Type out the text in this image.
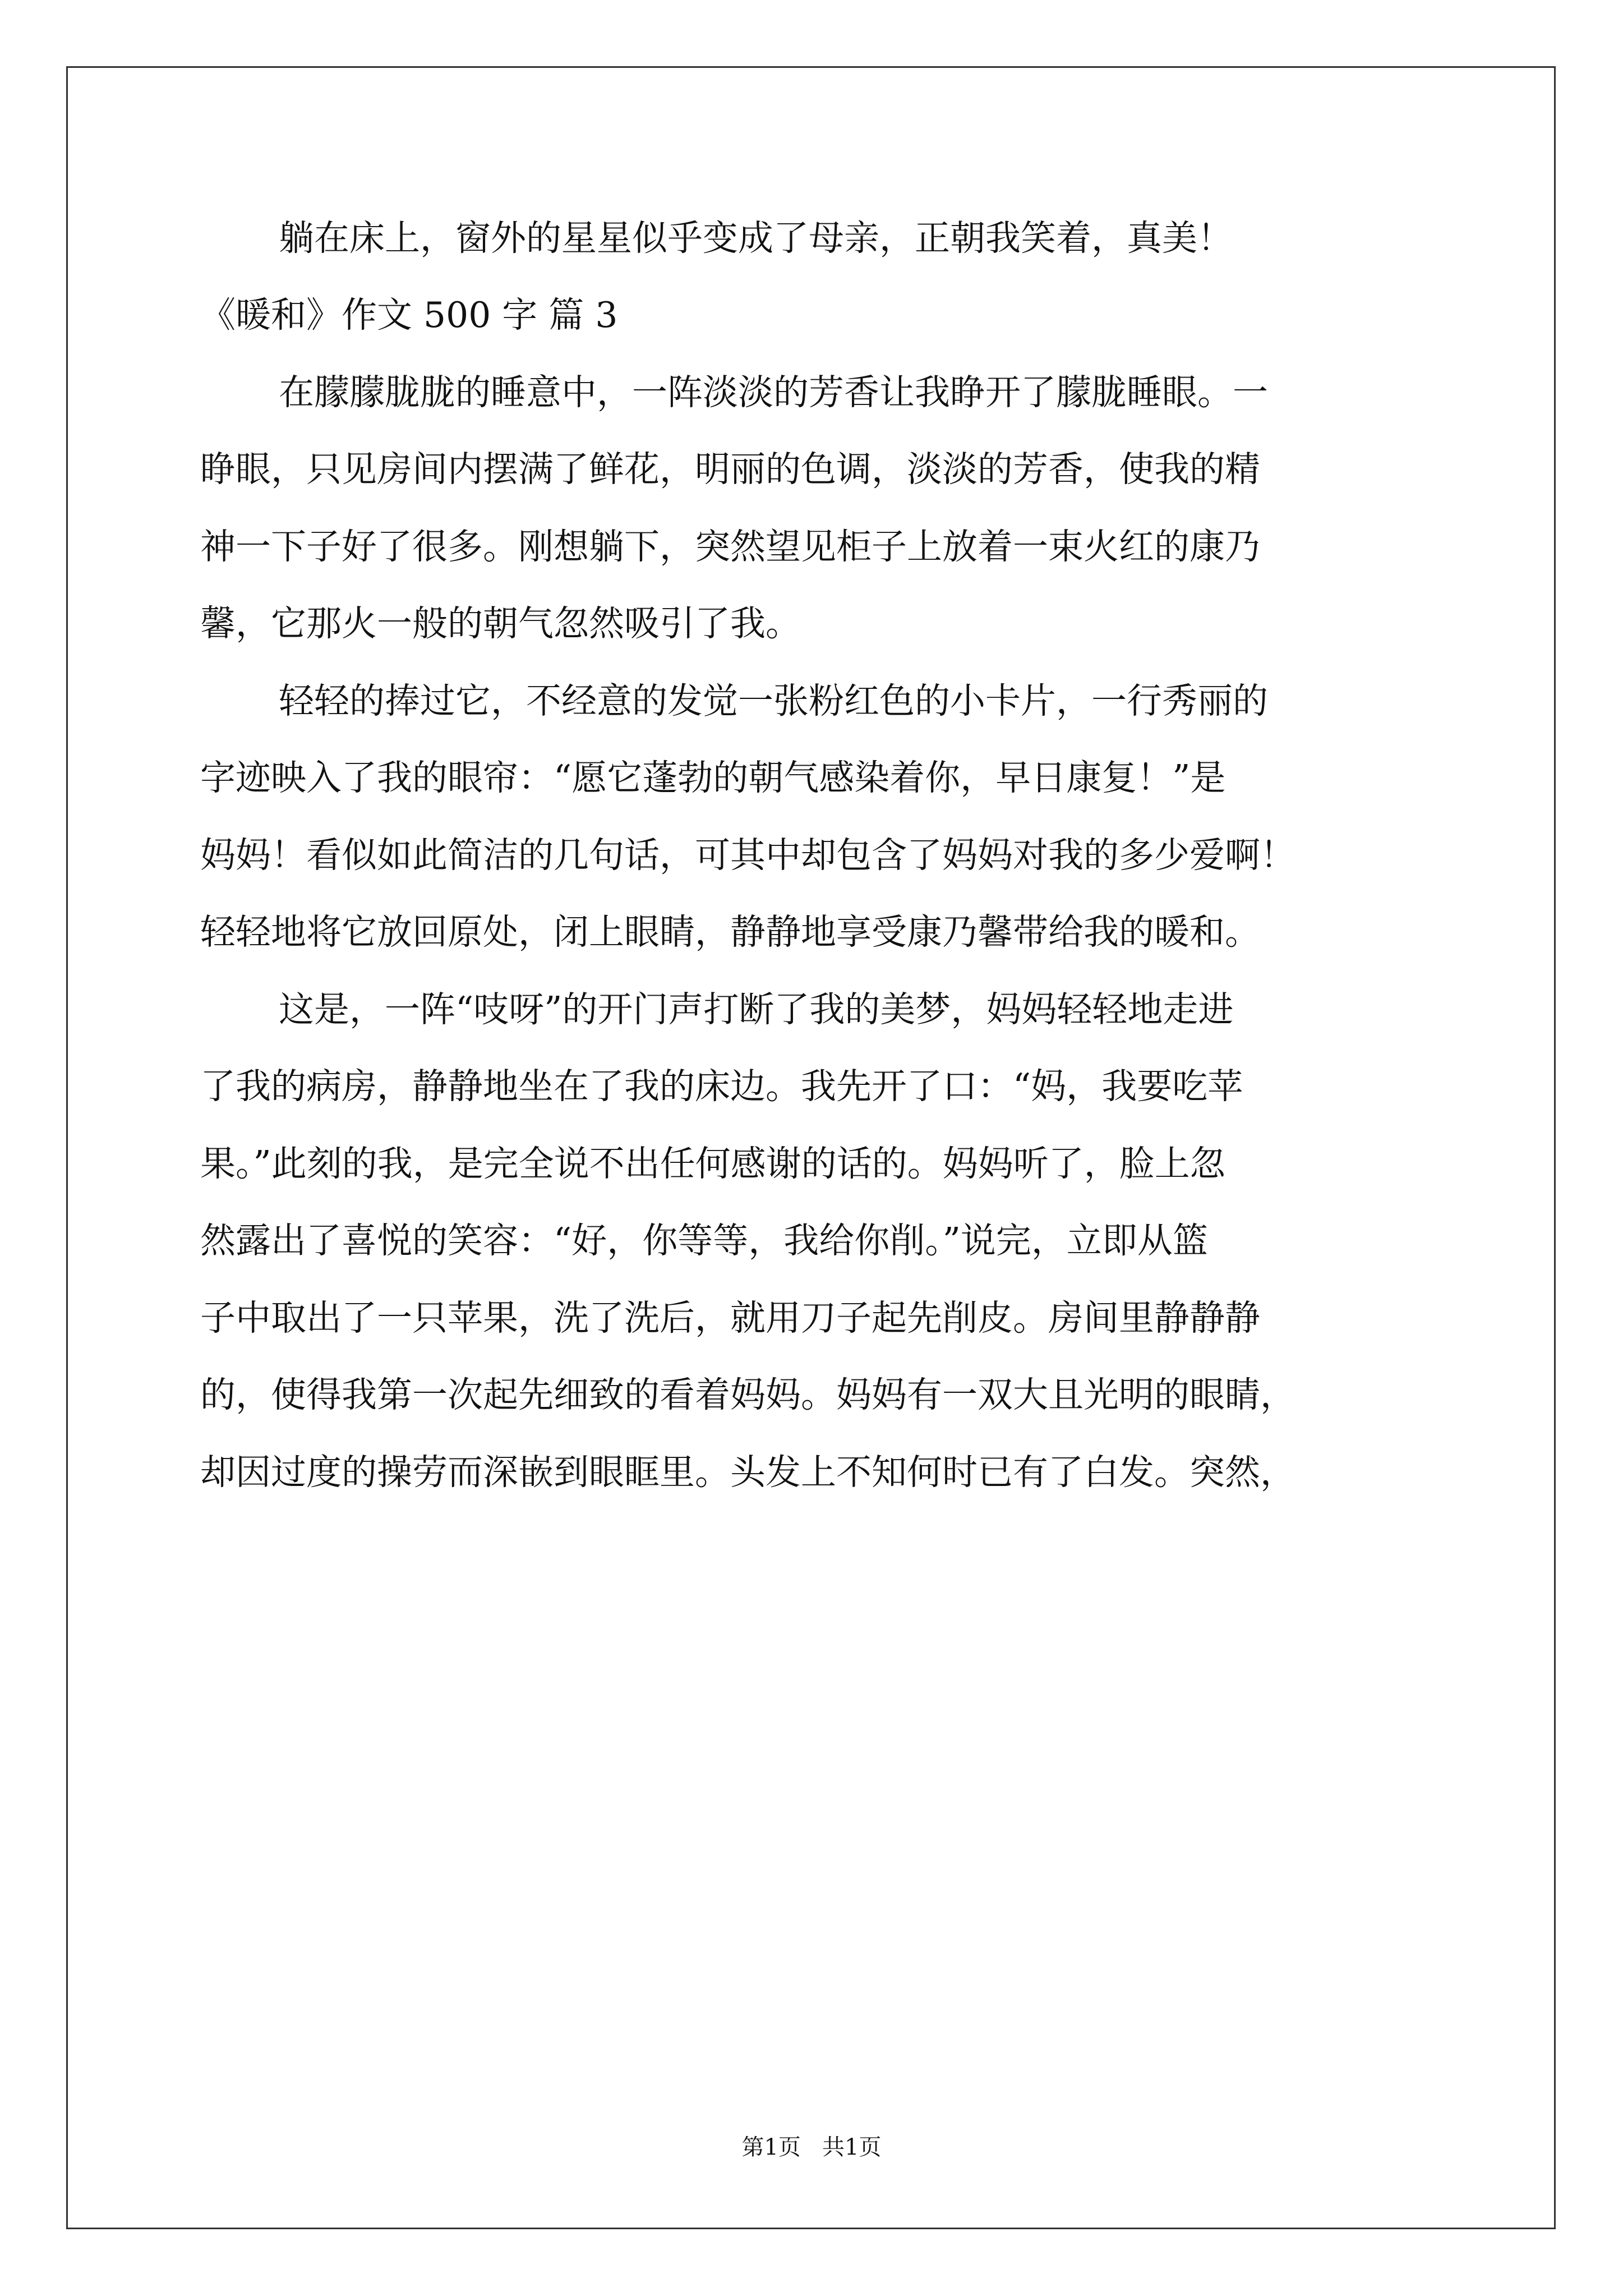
躺在床上，窗外的星星似乎变成了母亲，正朝我笑着，真美！
《暖和》作文 500 字 篇 3
在朦朦胧胧的睡意中，一阵淡淡的芳香让我睁开了朦胧睡眼。一
睁眼，只见房间内摆满了鲜花，明丽的色调，淡淡的芳香，使我的精
神一下子好了很多。刚想躺下，突然望见柜子上放着一束火红的康乃
馨，它那火一般的朝气忽然吸引了我。
轻轻的捧过它，不经意的发觉一张粉红色的小卡片，一行秀丽的
字迹映入了我的眼帘：“愿它蓬勃的朝气感染着你，早日康复！”是
妈妈！看似如此简洁的几句话，可其中却包含了妈妈对我的多少爱啊！
轻轻地将它放回原处，闭上眼睛，静静地享受康乃馨带给我的暖和。
这是，一阵“吱呀”的开门声打断了我的美梦，妈妈轻轻地走进
了我的病房，静静地坐在了我的床边。我先开了口：“妈，我要吃苹
果。”此刻的我，是完全说不出任何感谢的话的。妈妈听了，脸上忽
然露出了喜悦的笑容：“好，你等等，我给你削。”说完，立即从篮
子中取出了一只苹果，洗了洗后，就用刀子起先削皮。房间里静静静
的，使得我第一次起先细致的看着妈妈。妈妈有一双大且光明的眼睛，
却因过度的操劳而深嵌到眼眶里。头发上不知何时已有了白发。突然，
第1页   共1页
